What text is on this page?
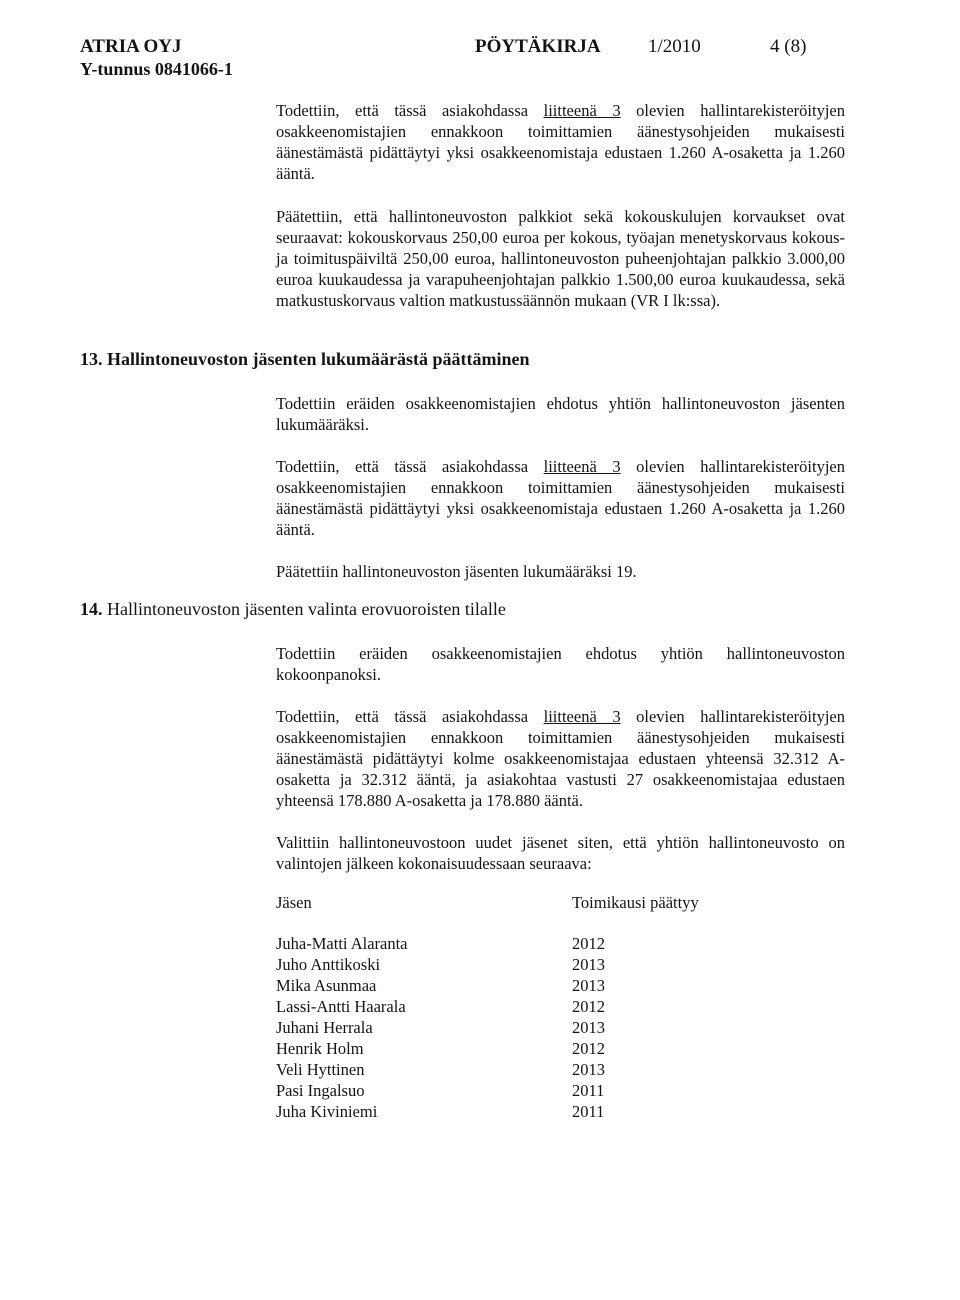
ATRIA OYJ
Y-tunnus 0841066-1
PÖYTÄKIRJA 1/2010	4 (8)

Todettiin, että tässä asiakohdassa liitteenä 3 olevien hallintarekisteröityjen osakkeenomistajien ennakkoon toimittamien äänestysohjeiden mukaisesti äänestämästä pidättäytyi yksi osakkeenomistaja edustaen 1.260 A-osaketta ja 1.260 ääntä.

Päätettiin, että hallintoneuvoston palkkiot sekä kokouskulujen korvaukset ovat seuraavat: kokouskorvaus 250,00 euroa per kokous, työajan menetyskorvaus kokous- ja toimituspäiviltä 250,00 euroa, hallintoneuvoston puheenjohtajan palkkio 3.000,00 euroa kuukaudessa ja varapuheenjohtajan palkkio 1.500,00 euroa kuukaudessa, sekä matkustuskorvaus valtion matkustussäännön mukaan (VR I lk:ssa).

13. Hallintoneuvoston jäsenten lukumäärästä päättäminen

Todettiin eräiden osakkeenomistajien ehdotus yhtiön hallintoneuvoston jäsenten lukumääräksi.

Todettiin, että tässä asiakohdassa liitteenä 3 olevien hallintarekisteröityjen osakkeenomistajien ennakkoon toimittamien äänestysohjeiden mukaisesti äänestämästä pidättäytyi yksi osakkeenomistaja edustaen 1.260 A-osaketta ja 1.260 ääntä.

Päätettiin hallintoneuvoston jäsenten lukumääräksi 19.

14. Hallintoneuvoston jäsenten valinta erovuoroisten tilalle

Todettiin eräiden osakkeenomistajien ehdotus yhtiön hallintoneuvoston kokoonpanoksi.

Todettiin, että tässä asiakohdassa liitteenä 3 olevien hallintarekisteröityjen osakkeenomistajien ennakkoon toimittamien äänestysohjeiden mukaisesti äänestämästä pidättäytyi kolme osakkeenomistajaa edustaen yhteensä 32.312 A-osaketta ja 32.312 ääntä, ja asiakohtaa vastusti 27 osakkeenomistajaa edustaen yhteensä 178.880 A-osaketta ja 178.880 ääntä.

Valittiin hallintoneuvostoon uudet jäsenet siten, että yhtiön hallintoneuvosto on valintojen jälkeen kokonaisuudessaan seuraava:

Jäsen	Toimikausi päättyy
Juha-Matti Alaranta	2012
Juho Anttikoski	2013
Mika Asunmaa	2013
Lassi-Antti Haarala	2012
Juhani Herrala	2013
Henrik Holm	2012
Veli Hyttinen	2013
Pasi Ingalsuo	2011
Juha Kiviniemi	2011
